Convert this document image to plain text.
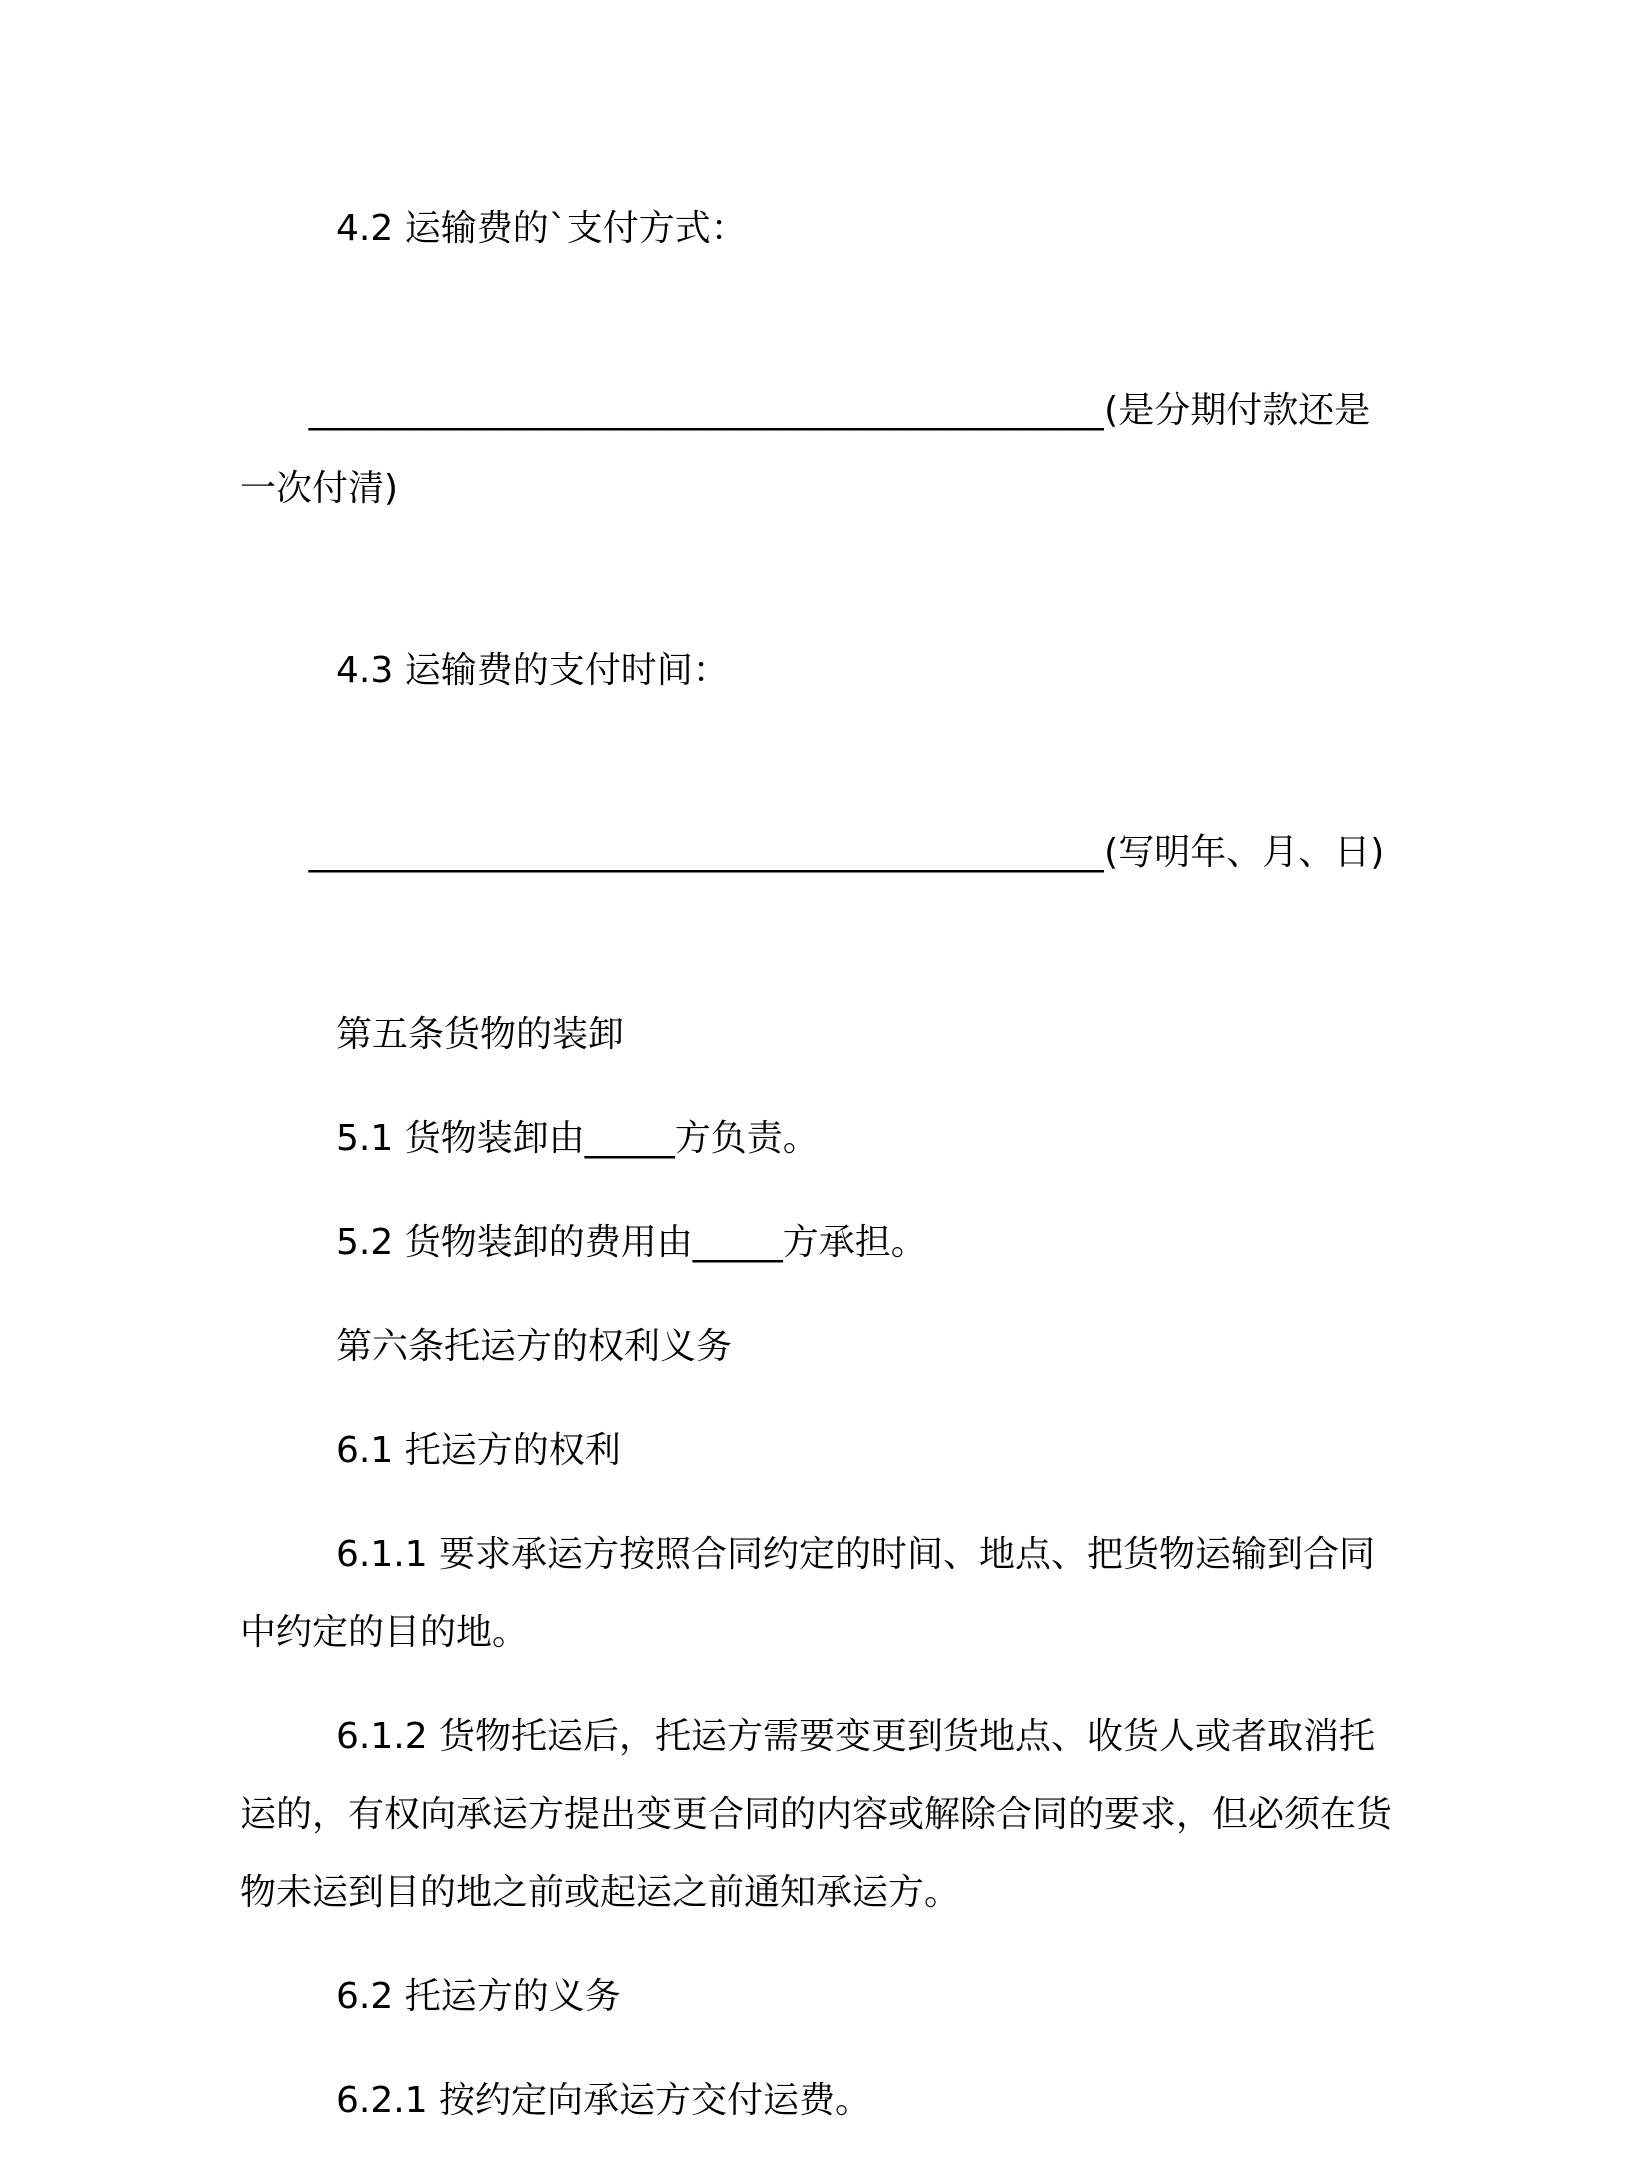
4.2 运输费的`支付方式：

___________________________________________(是分期付款还是一次付清)

4.3 运输费的支付时间：

___________________________________________(写明年、月、日)

第五条货物的装卸

5.1 货物装卸由_____方负责。

5.2 货物装卸的费用由_____方承担。

第六条托运方的权利义务

6.1 托运方的权利

6.1.1 要求承运方按照合同约定的时间、地点、把货物运输到合同中约定的目的地。

6.1.2 货物托运后，托运方需要变更到货地点、收货人或者取消托运的，有权向承运方提出变更合同的内容或解除合同的要求，但必须在货物未运到目的地之前或起运之前通知承运方。

6.2 托运方的义务

6.2.1 按约定向承运方交付运费。
